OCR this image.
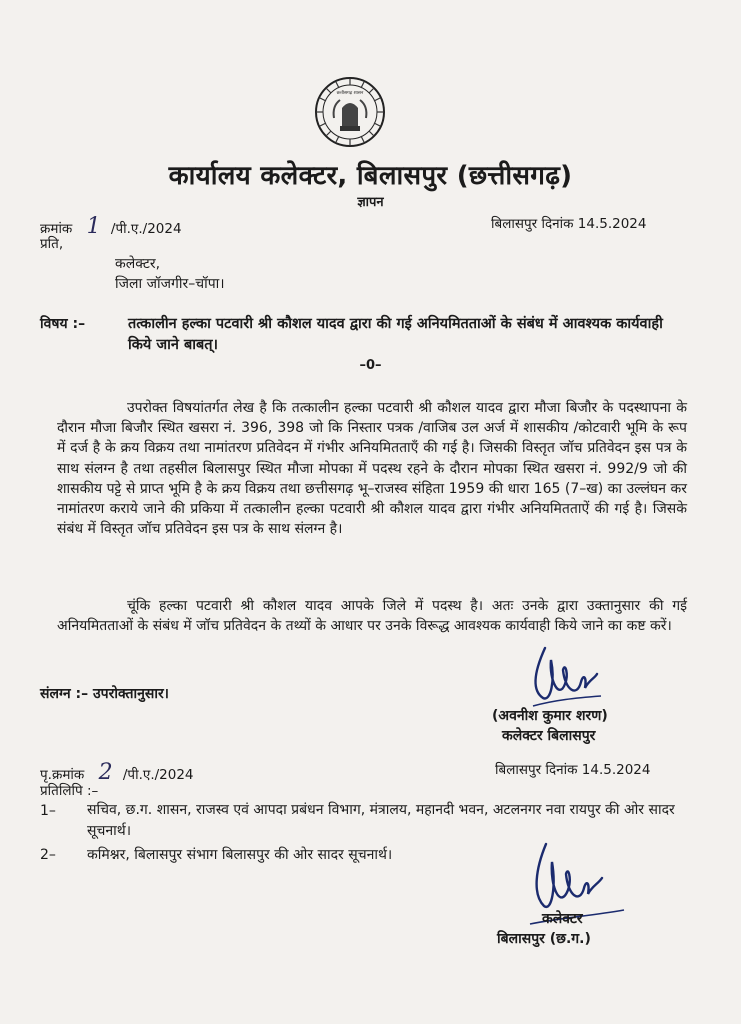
छत्तीसगढ़ शासन
कार्यालय कलेक्टर, बिलासपुर (छत्तीसगढ़)
ज्ञापन
क्रमांक 1 /पी.ए./2024	बिलासपुर दिनांक 14.5.2024
प्रति,
कलेक्टर,
जिला जॉजगीर–चॉपा।
विषय :–	तत्कालीन हल्का पटवारी श्री कौशल यादव द्वारा की गई अनियमितताओं के संबंध में आवश्यक कार्यवाही किये जाने बाबत्।
–0–
उपरोक्त विषयांतर्गत लेख है कि तत्कालीन हल्का पटवारी श्री कौशल यादव द्वारा मौजा बिजौर के पदस्थापना के दौरान मौजा बिजौर स्थित खसरा नं. 396, 398 जो कि निस्तार पत्रक /वाजिब उल अर्ज में शासकीय /कोटवारी भूमि के रूप में दर्ज है के क्रय विक्रय तथा नामांतरण प्रतिवेदन में गंभीर अनियमितताएँ की गई है। जिसकी विस्तृत जॉच प्रतिवेदन इस पत्र के साथ संलग्न है तथा तहसील बिलासपुर स्थित मौजा मोपका में पदस्थ रहने के दौरान मोपका स्थित खसरा नं. 992/9 जो की शासकीय पट्टे से प्राप्त भूमि है के क्रय विक्रय तथा छत्तीसगढ़ भू–राजस्व संहिता 1959 की धारा 165 (7–ख) का उल्लंघन कर नामांतरण कराये जाने की प्रकिया में तत्कालीन हल्का पटवारी श्री कौशल यादव द्वारा गंभीर अनियमितताऐं की गई है। जिसके संबंध में विस्तृत जॉच प्रतिवेदन इस पत्र के साथ संलग्न है।
चूंकि हल्का पटवारी श्री कौशल यादव आपके जिले में पदस्थ है। अतः उनके द्वारा उक्तानुसार की गई अनियमितताओं के संबंध में जॉच प्रतिवेदन के तथ्यों के आधार पर उनके विरूद्ध आवश्यक कार्यवाही किये जाने का कष्ट करें।
संलग्न :– उपरोक्तानुसार।
(अवनीश कुमार शरण)
कलेक्टर बिलासपुर
पृ.क्रमांक 2 /पी.ए./2024	बिलासपुर दिनांक 14.5.2024
प्रतिलिपि :–
1– सचिव, छ.ग. शासन, राजस्व एवं आपदा प्रबंधन विभाग, मंत्रालय, महानदी भवन, अटलनगर नवा रायपुर की ओर सादर सूचनार्थ।
2– कमिश्नर, बिलासपुर संभाग बिलासपुर की ओर सादर सूचनार्थ।
कलेक्टर
बिलासपुर (छ.ग.)
